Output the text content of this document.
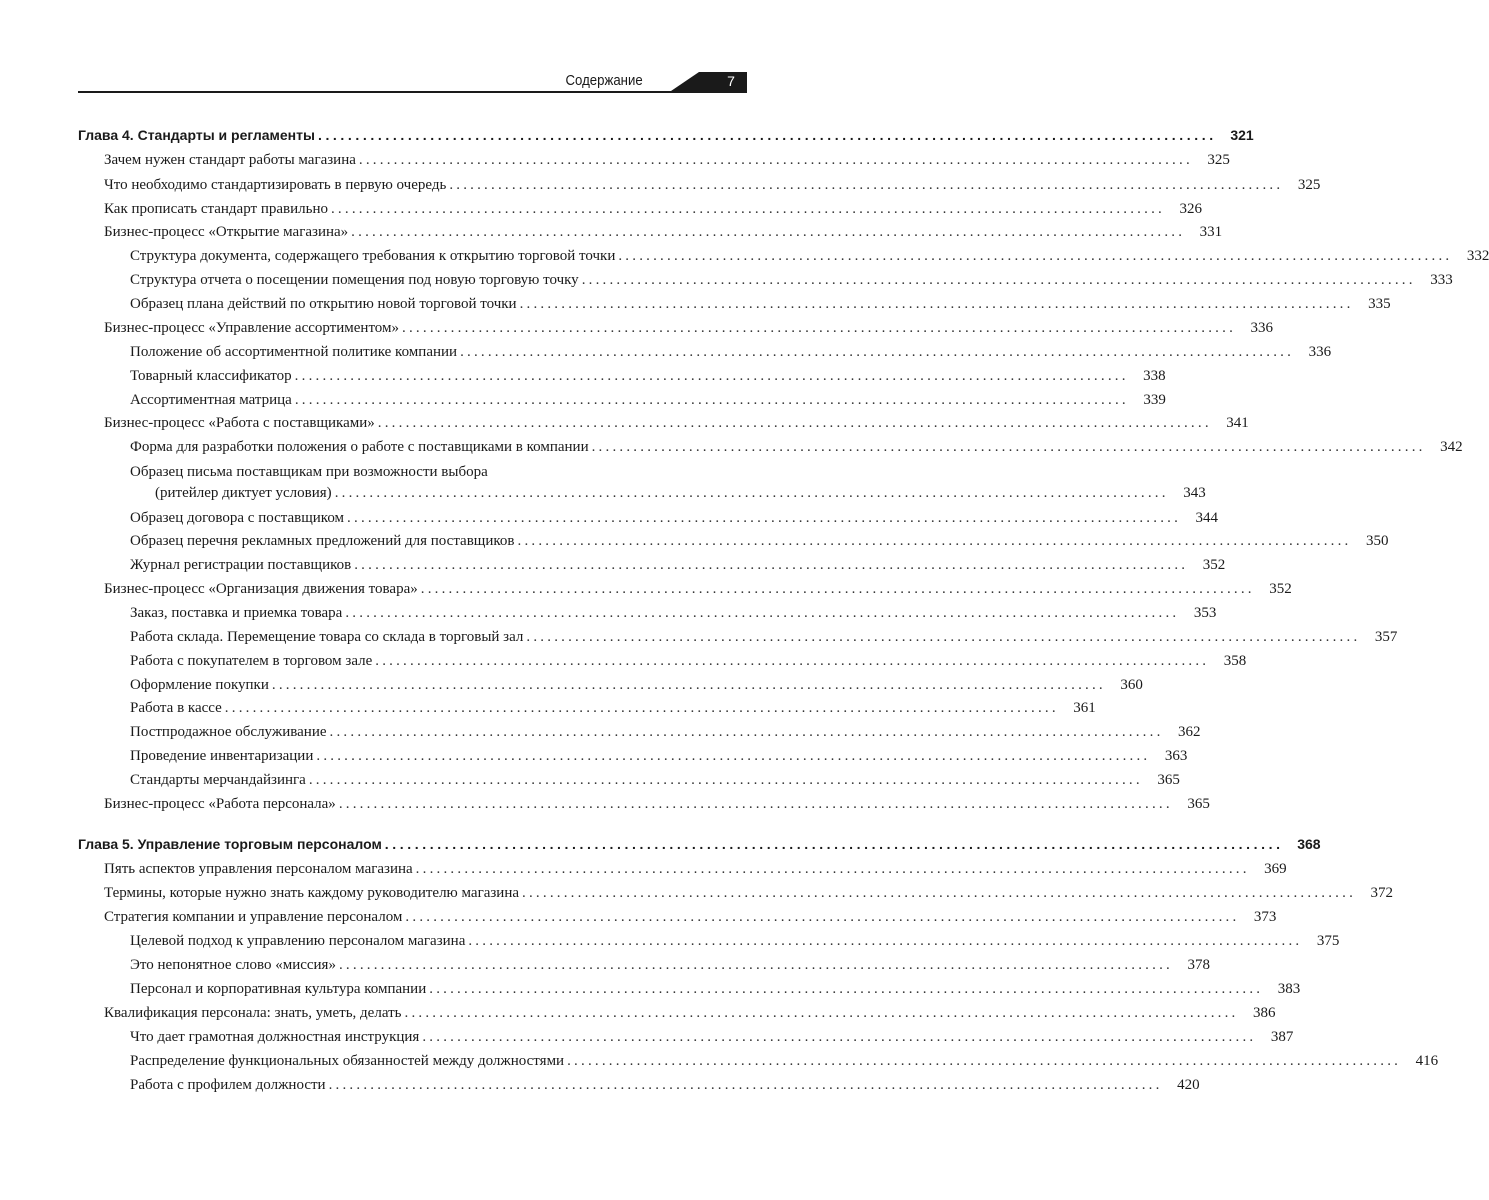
Содержание	7
Глава 4. Стандарты и регламенты ........................................................................................................................ 321
Зачем нужен стандарт работы магазина ........................................................................................................................ 325
Что необходимо стандартизировать в первую очередь ........................................................................................................................ 325
Как прописать стандарт правильно ........................................................................................................................ 326
Бизнес-процесс «Открытие магазина» ........................................................................................................................ 331
Структура документа, содержащего требования к открытию торговой точки ........................................................................................................................ 332
Структура отчета о посещении помещения под новую торговую точку ........................................................................................................................ 333
Образец плана действий по открытию новой торговой точки ........................................................................................................................ 335
Бизнес-процесс «Управление ассортиментом» ........................................................................................................................ 336
Положение об ассортиментной политике компании ........................................................................................................................ 336
Товарный классификатор ........................................................................................................................ 338
Ассортиментная матрица ........................................................................................................................ 339
Бизнес-процесс «Работа с поставщиками» ........................................................................................................................ 341
Форма для разработки положения о работе с поставщиками в компании ........................................................................................................................ 342
Образец письма поставщикам при возможности выбора
(ритейлер диктует условия) ........................................................................................................................ 343
Образец договора с поставщиком ........................................................................................................................ 344
Образец перечня рекламных предложений для поставщиков ........................................................................................................................ 350
Журнал регистрации поставщиков ........................................................................................................................ 352
Бизнес-процесс «Организация движения товара» ........................................................................................................................ 352
Заказ, поставка и приемка товара ........................................................................................................................ 353
Работа склада. Перемещение товара со склада в торговый зал ........................................................................................................................ 357
Работа с покупателем в торговом зале ........................................................................................................................ 358
Оформление покупки ........................................................................................................................ 360
Работа в кассе ........................................................................................................................ 361
Постпродажное обслуживание ........................................................................................................................ 362
Проведение инвентаризации ........................................................................................................................ 363
Стандарты мерчандайзинга ........................................................................................................................ 365
Бизнес-процесс «Работа персонала» ........................................................................................................................ 365
Глава 5. Управление торговым персоналом ........................................................................................................................ 368
Пять аспектов управления персоналом магазина ........................................................................................................................ 369
Термины, которые нужно знать каждому руководителю магазина ........................................................................................................................ 372
Стратегия компании и управление персоналом ........................................................................................................................ 373
Целевой подход к управлению персоналом магазина ........................................................................................................................ 375
Это непонятное слово «миссия» ........................................................................................................................ 378
Персонал и корпоративная культура компании ........................................................................................................................ 383
Квалификация персонала: знать, уметь, делать ........................................................................................................................ 386
Что дает грамотная должностная инструкция ........................................................................................................................ 387
Распределение функциональных обязанностей между должностями ........................................................................................................................ 416
Работа с профилем должности ........................................................................................................................ 420
